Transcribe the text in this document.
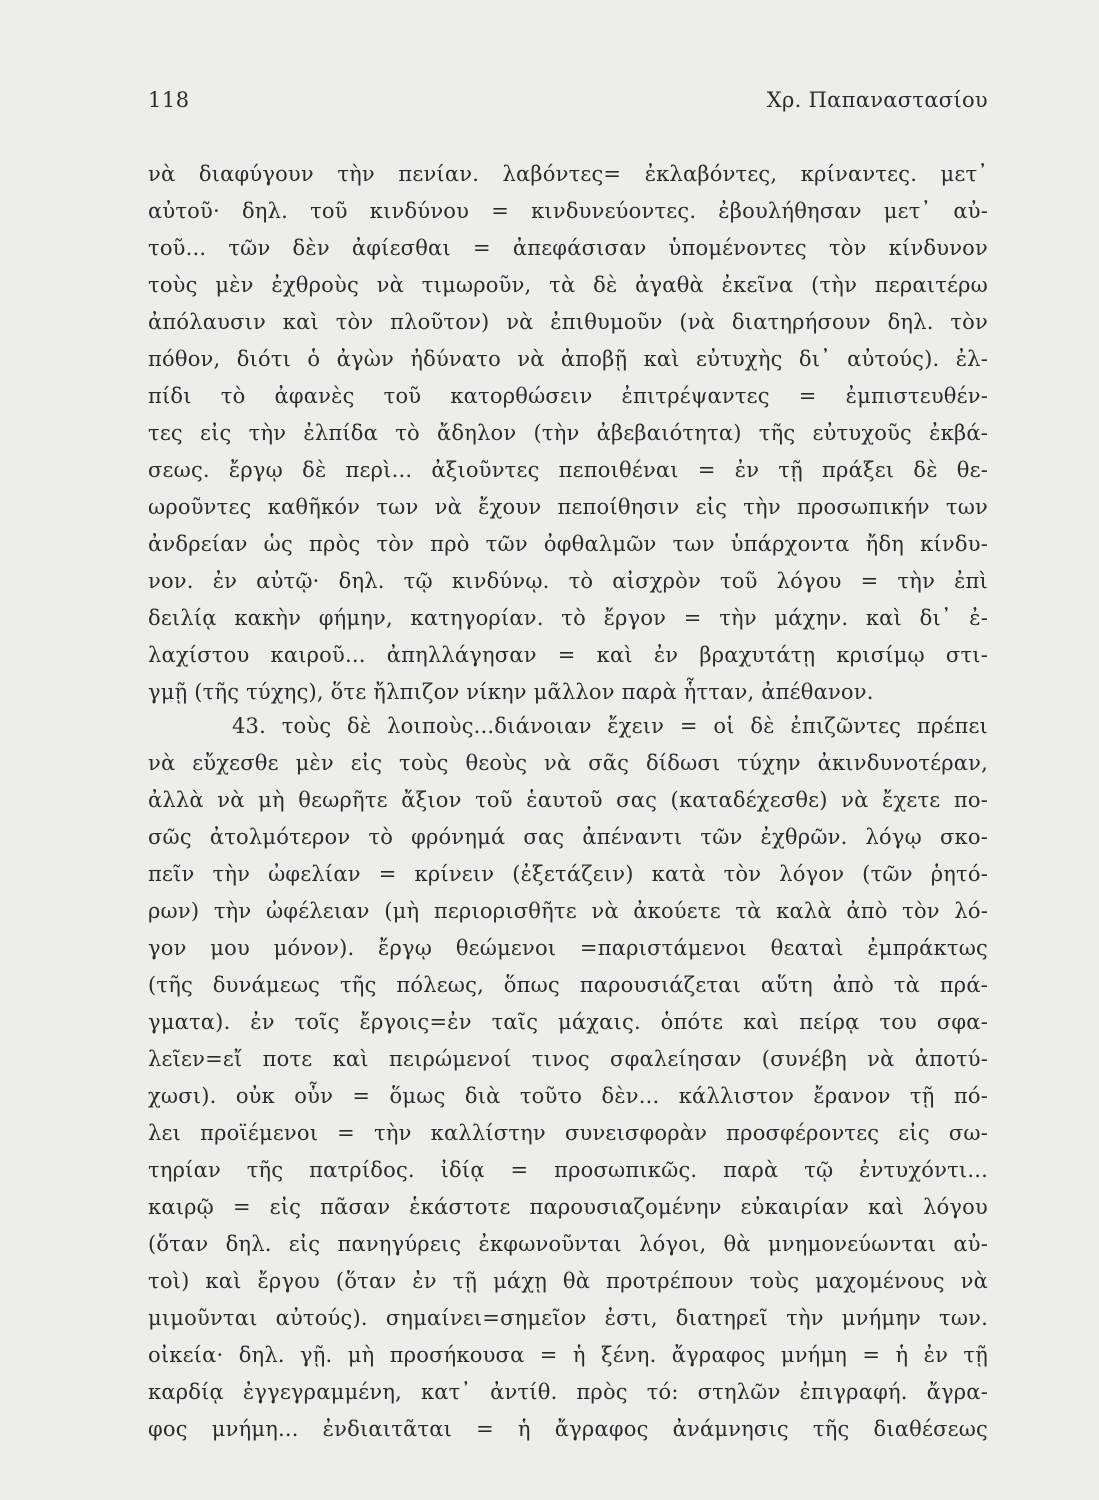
118	Χρ. Παπαναστασίου
νὰ διαφύγουν τὴν πενίαν. λαβόντες= ἐκλαβόντες, κρίναντες. μετ᾽
αὐτοῦ· δηλ. τοῦ κινδύνου = κινδυνεύοντες. ἐβουλήθησαν μετ᾽ αὐ-
τοῦ... τῶν δὲν ἀφίεσθαι = ἀπεφάσισαν ὑπομένοντες τὸν κίνδυνον
τοὺς μὲν ἐχθροὺς νὰ τιμωροῦν, τὰ δὲ ἀγαθὰ ἐκεῖνα (τὴν περαιτέρω
ἀπόλαυσιν καὶ τὸν πλοῦτον) νὰ ἐπιθυμοῦν (νὰ διατηρήσουν δηλ. τὸν
πόθον, διότι ὁ ἀγὼν ἠδύνατο νὰ ἀποβῇ καὶ εὐτυχὴς δι᾽ αὐτούς). ἐλ-
πίδι τὸ ἀφανὲς τοῦ κατορθώσειν ἐπιτρέψαντες = ἐμπιστευθέν-
τες εἰς τὴν ἐλπίδα τὸ ἄδηλον (τὴν ἀβεβαιότητα) τῆς εὐτυχοῦς ἐκβά-
σεως. ἔργῳ δὲ περὶ... ἀξιοῦντες πεποιθέναι = ἐν τῇ πράξει δὲ θε-
ωροῦντες καθῆκόν των νὰ ἔχουν πεποίθησιν εἰς τὴν προσωπικήν των
ἀνδρείαν ὡς πρὸς τὸν πρὸ τῶν ὀφθαλμῶν των ὑπάρχοντα ἤδη κίνδυ-
νον. ἐν αὐτῷ· δηλ. τῷ κινδύνῳ. τὸ αἰσχρὸν τοῦ λόγου = τὴν ἐπὶ
δειλίᾳ κακὴν φήμην, κατηγορίαν. τὸ ἔργον = τὴν μάχην. καὶ δι᾽ ἐ-
λαχίστου καιροῦ... ἀπηλλάγησαν = καὶ ἐν βραχυτάτῃ κρισίμῳ στι-
γμῇ (τῆς τύχης), ὅτε ἤλπιζον νίκην μᾶλλον παρὰ ἧτταν, ἀπέθανον.
43. τοὺς δὲ λοιποὺς...διάνοιαν ἔχειν = οἱ δὲ ἐπιζῶντες πρέπει
νὰ εὔχεσθε μὲν εἰς τοὺς θεοὺς νὰ σᾶς δίδωσι τύχην ἀκινδυνοτέραν,
ἀλλὰ νὰ μὴ θεωρῆτε ἄξιον τοῦ ἑαυτοῦ σας (καταδέχεσθε) νὰ ἔχετε πο-
σῶς ἀτολμότερον τὸ φρόνημά σας ἀπέναντι τῶν ἐχθρῶν. λόγῳ σκο-
πεῖν τὴν ὠφελίαν = κρίνειν (ἐξετάζειν) κατὰ τὸν λόγον (τῶν ῥητό-
ρων) τὴν ὠφέλειαν (μὴ περιορισθῆτε νὰ ἀκούετε τὰ καλὰ ἀπὸ τὸν λό-
γον μου μόνον). ἔργῳ θεώμενοι =παριστάμενοι θεαταὶ ἐμπράκτως
(τῆς δυνάμεως τῆς πόλεως, ὅπως παρουσιάζεται αὕτη ἀπὸ τὰ πρά-
γματα). ἐν τοῖς ἔργοις=ἐν ταῖς μάχαις. ὁπότε καὶ πείρᾳ του σφα-
λεῖεν=εἴ ποτε καὶ πειρώμενοί τινος σφαλείησαν (συνέβη νὰ ἀποτύ-
χωσι). οὐκ οὖν = ὅμως διὰ τοῦτο δὲν... κάλλιστον ἔρανον τῇ πό-
λει προϊέμενοι = τὴν καλλίστην συνεισφορὰν προσφέροντες εἰς σω-
τηρίαν τῆς πατρίδος. ἰδίᾳ = προσωπικῶς. παρὰ τῷ ἐντυχόντι...
καιρῷ = εἰς πᾶσαν ἑκάστοτε παρουσιαζομένην εὐκαιρίαν καὶ λόγου
(ὅταν δηλ. εἰς πανηγύρεις ἐκφωνοῦνται λόγοι, θὰ μνημονεύωνται αὐ-
τοὶ) καὶ ἔργου (ὅταν ἐν τῇ μάχῃ θὰ προτρέπουν τοὺς μαχομένους νὰ
μιμοῦνται αὐτούς). σημαίνει=σημεῖον ἐστι, διατηρεῖ τὴν μνήμην των.
οἰκεία· δηλ. γῇ. μὴ προσήκουσα = ἡ ξένη. ἄγραφος μνήμη = ἡ ἐν τῇ
καρδίᾳ ἐγγεγραμμένη, κατ᾽ ἀντίθ. πρὸς τό: στηλῶν ἐπιγραφή. ἄγρα-
φος μνήμη... ἐνδιαιτᾶται = ἡ ἄγραφος ἀνάμνησις τῆς διαθέσεως
